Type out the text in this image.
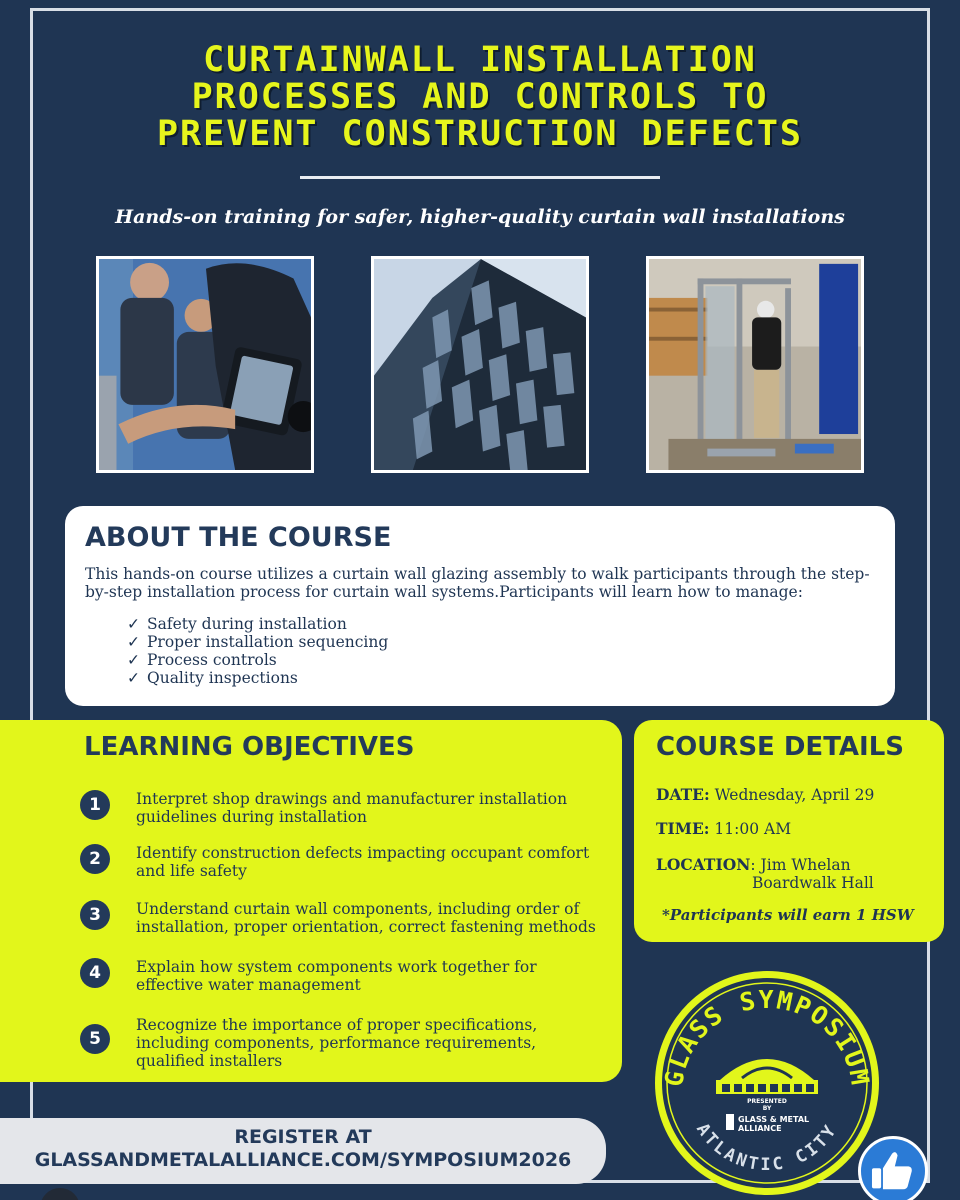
CURTAINWALL INSTALLATION
PROCESSES AND CONTROLS TO
PREVENT CONSTRUCTION DEFECTS
Hands-on training for safer, higher-quality curtain wall installations
ABOUT THE COURSE

This hands-on course utilizes a curtain wall glazing assembly to walk participants through the step-by-step installation process for curtain wall systems.Participants will learn how to manage:

✓ Safety during installation
✓ Proper installation sequencing
✓ Process controls
✓ Quality inspections
LEARNING OBJECTIVES
1	Interpret shop drawings and manufacturer installation guidelines during installation
2	Identify construction defects impacting occupant comfort and life safety
3	Understand curtain wall components, including order of installation, proper orientation, correct fastening methods
4	Explain how system components work together for effective water management
5
Recognize the importance of proper specifications, including components, performance requirements, qualified installers
COURSE DETAILS
DATE: Wednesday, April 29
TIME: 11:00 AM
LOCATION: Jim Whelan
Boardwalk Hall
*Participants will earn 1 HSW
REGISTER AT
GLASSANDMETALALLIANCE.COM/SYMPOSIUM2026
GLASS SYMPOSIUM
ATLANTIC CITY
PRESENTED
BY
GLASS & METAL
ALLIANCE
